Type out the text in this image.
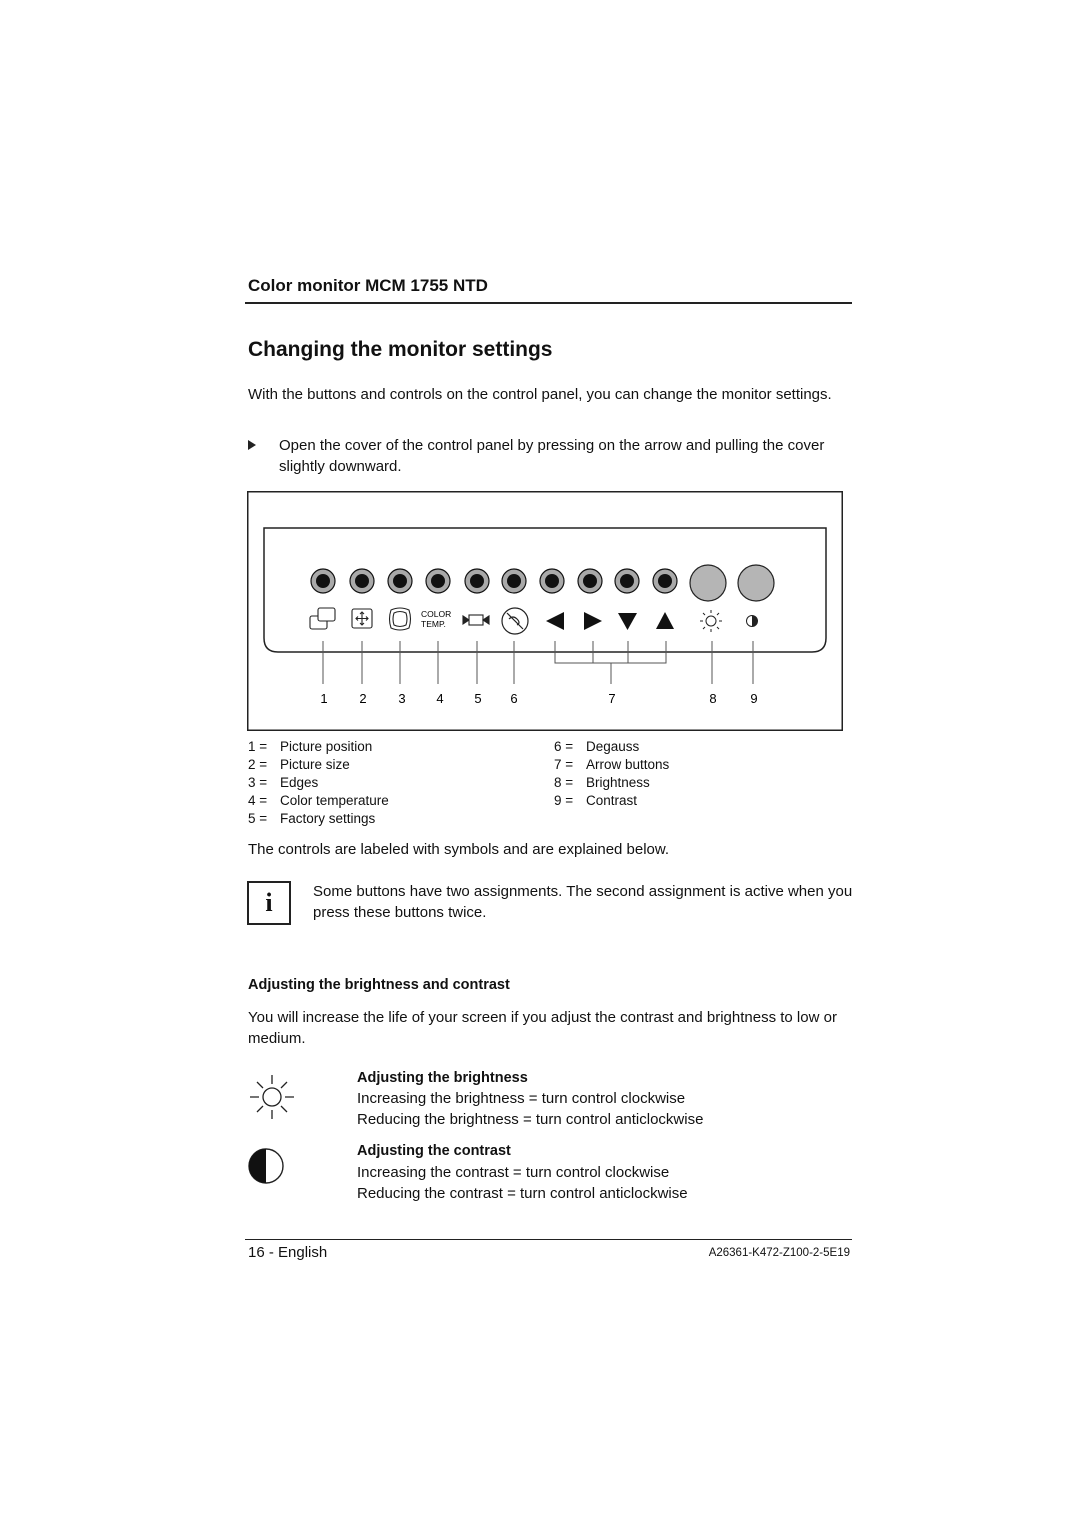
Color monitor MCM 1755 NTD
Changing the monitor settings
With the buttons and controls on the control panel, you can change the monitor settings.
Open the cover of the control panel by pressing on the arrow and pulling the cover slightly downward.
COLOR
TEMP.
1 2 3 4 5 6	7	8	9
1 = Picture position
2 = Picture size
3 = Edges
4 = Color temperature
5 = Factory settings
6 = Degauss
7 = Arrow buttons
8 = Brightness
9 = Contrast
The controls are labeled with symbols and are explained below.
i	Some buttons have two assignments. The second assignment is active when you press these buttons twice.
Adjusting the brightness and contrast
You will increase the life of your screen if you adjust the contrast and brightness to low or medium.
Adjusting the brightness
Increasing the brightness = turn control clockwise
Reducing the brightness = turn control anticlockwise
Adjusting the contrast
Increasing the contrast = turn control clockwise
Reducing the contrast = turn control anticlockwise
16 - English	A26361-K472-Z100-2-5E19
